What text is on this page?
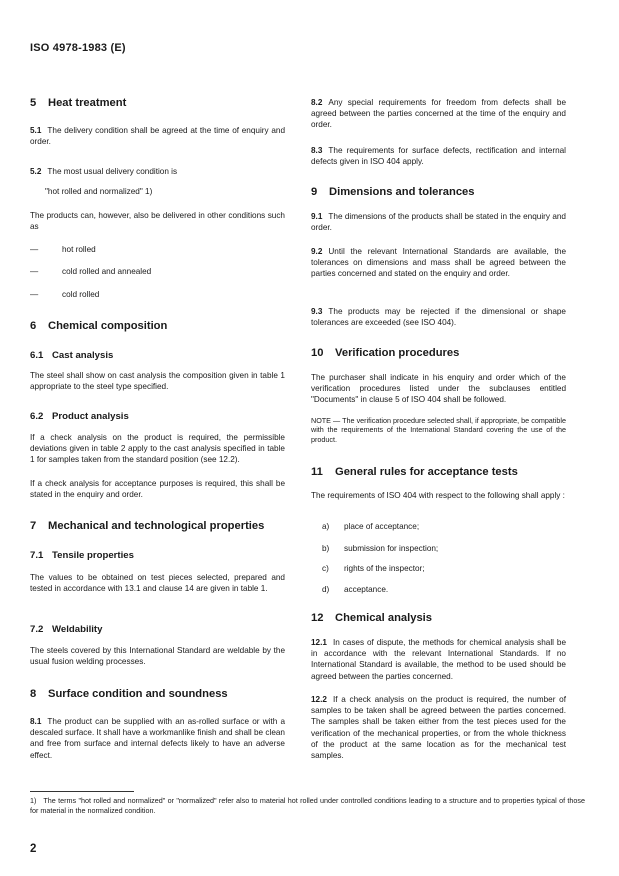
ISO 4978-1983 (E)
5 Heat treatment

5.1 The delivery condition shall be agreed at the time of enquiry and order.

5.2 The most usual delivery condition is

"hot rolled and normalized" 1)

The products can, however, also be delivered in other conditions such as

—	hot rolled
—	cold rolled and annealed
—	cold rolled
6 Chemical composition
6.1 Cast analysis

The steel shall show on cast analysis the composition given in table 1 appropriate to the steel type specified.

6.2 Product analysis

If a check analysis on the product is required, the permissible deviations given in table 2 apply to the cast analysis specified in table 1 for samples taken from the standard position (see 12.2).

If a check analysis for acceptance purposes is required, this shall be stated in the enquiry and order.

7 Mechanical and technological properties
7.1 Tensile properties

The values to be obtained on test pieces selected, prepared and tested in accordance with 13.1 and clause 14 are given in table 1.

7.2 Weldability

The steels covered by this International Standard are weldable by the usual fusion welding processes.

8 Surface condition and soundness

8.1 The product can be supplied with an as-rolled surface or with a descaled surface. It shall have a workmanlike finish and shall be clean and free from surface and internal defects likely to have an adverse effect.

8.2 Any special requirements for freedom from defects shall be agreed between the parties concerned at the time of the enquiry and order.

8.3 The requirements for surface defects, rectification and internal defects given in ISO 404 apply.

9 Dimensions and tolerances

9.1 The dimensions of the products shall be stated in the enquiry and order.

9.2 Until the relevant International Standards are available, the tolerances on dimensions and mass shall be agreed between the parties concerned and stated on the enquiry and order.

9.3 The products may be rejected if the dimensional or shape tolerances are exceeded (see ISO 404).

10 Verification procedures

The purchaser shall indicate in his enquiry and order which of the verification procedures listed under the subclauses entitled "Documents" in clause 5 of ISO 404 shall be followed.

NOTE — The verification procedure selected shall, if appropriate, be compatible with the requirements of the International Standard covering the use of the product.

11 General rules for acceptance tests

The requirements of ISO 404 with respect to the following shall apply :

a)	place of acceptance;
b)	submission for inspection;
c)	rights of the inspector;
d)	acceptance.
12 Chemical analysis

12.1 In cases of dispute, the methods for chemical analysis shall be in accordance with the relevant International Standards. If no International Standard is available, the method to be used should be agreed between the parties concerned.

12.2 If a check analysis on the product is required, the number of samples to be taken shall be agreed between the parties concerned. The samples shall be taken either from the test pieces used for the verification of the mechanical properties, or from the whole thickness of the product at the same location as for the mechanical test samples.

1) The terms "hot rolled and normalized" or "normalized" refer also to material hot rolled under controlled conditions leading to a structure and to properties typical of those for material in the normalized condition.

2
